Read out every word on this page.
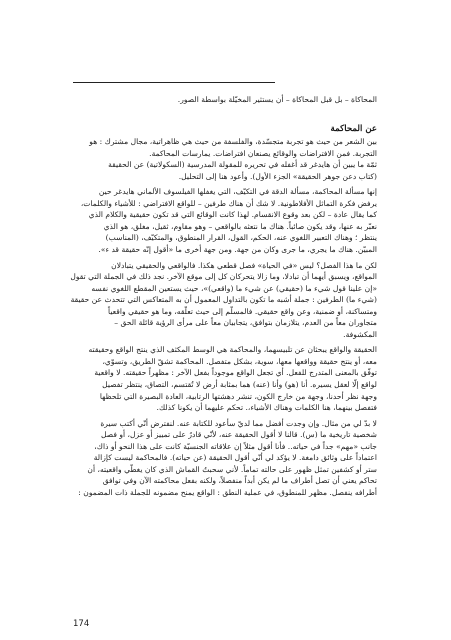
المحاكاة – بل قبل المحاكاة – أن يستثير المخيّلة بواسطة الصور.

عن المحاكمة

بين الشعر من حيث هو تجربة متجسّدة، والفلسفة من حيث هي ظاهراتية، مجال مشترك : هو
التجربة. فمن الافتراضات والوقائع يصنعان افتراضات. يمارسات المحاكمة.
ثمّة ما يبين أن هايدغر قد أغفله في تحريره للمقولة المدرسية (السكولاتية) عن الحقيقة
(كتاب دعن جوهر الحقيقة» الجزء الأول). وأعود هنا إلى التحليل.

إنها مسألة المحاكمة، مسألة الدقة في التكيّف، التي يغفلها الفيلسوف الألماني هايدغر حين
يرفض فكرة التماثل الأفلاطونية. لا شك أن هناك طرفين – للواقع الافتراضي : للأشياء والكلمات،
كما يقال عادة – لكن بعد وقوع الانقسام. لهذا كانت الوقائع التي قد تكون حقيقية والكلام الذي
نعبّر به عنها، وقد يكون صائباً. هناك ما نتعثه بالواقعي – وهو مقاوم، ثقيل، مغلق، هو الذي
ينتظر ؛ وهناك التعبير اللغوي عنه، الحكم، القول، القرار المنطوق، والمتكيّف، (المناسب)
المبيّن. هناك ما يجري، ما جرى وكان من جهة. ومن جهة أخرى ما «أقول إنّه حقيقة قد ء».

لكن ما هذا الفصل؟ ليس «في الحياة» فصل قطعي هكذا. فالواقعي والحقيقي يتبادلان
المواقع، ويسبق أيهما أن تبادلا، وما زالا يتحركان كل إلى موقع الآخر. نجد ذلك في الجملة التي تقول
«إن علينا قول شيء ما (حقيقي) عن شيء ما (واقعي)»، حيث يستعين المقطع اللغوي نفسه
(شيء ما) الطرفين : جملة أشبه ما تكون بالتداول المعمول أن به المتعاكس التي تتحدث عن حقيقة
ومتساكنة، أو ضمنية، وعن واقع حقيقي. فالمسلّم إلى حيث تعلّقه، وما هو حقيقي واقعياً
متجاوران معاً من العدم، يتلازمان بتوافق، يتجابيان معاً على مرأى الرؤية قائلة الحق –
المكشوفة.

الحقيقة والواقع يبحثان عن تلبيسهما، والمحاكمة هي الوسط المكثف الذي ينتج الواقع وحقيقته
معه، أو ينتج حقيقة وواقعها معها، سوية، بشكل متفصل. المحاكمة تشقّ الطريق، وتسوّي،
توفّق بالمعنى المتدرج للفعل. أي تجعل الواقع موجوداً بفعل الآخر : مظهراً حقيقته. لا واقعية
لواقع إلّا لعقل يسيره. أنا (هو) وأنا (عنه) هما بمثابة أرض لا تُقتسم، التصاق، ينتظر تفصيل
وجهة نظر أحدنا، وجهة من خارج الكون، تنشر دهشتها الرتابية، العادة البصيرة التي تلحظها
فتفصل بينهما، هنا الكلمات وهناك الأشياء،. تحكم عليهما أن يكونا كذلك.

لا بدّ لي من مثال. وإن وجدت أفضل مما لديّ سأعود للكتابة عنه. لنفترض أنّي أكتب سيرة
شخصية تاريخية ما (س). قالنا لا أقول الحقيقة عنه، لأنّي قادرٌ على تمييز أو عزل، أو فصل
جانب «مهم» جداً في حياته.. فأنا أقول مثلاً إن علاقاته الجنسيّة كانت على هذا النحو أو ذاك،
اعتماداً على وثائق دامغة. لا يؤكد لي أنّي أقول الحقيقة (عن حياته). فالمحاكمة ليست كإزالة
ستر أو كشفين تمثل ظهور على حالته تماماً. لأني سحبتُ القماش الذي كان يغطّي واقعيته، أن
تحاكم يعني أن تصل أطراف ما لم يكن أبداً منفصلاً، ولكنه بفعل محاكمته الآن وفي توافق
أطرافه ينفصل. مظهر للمنطوق، في عملية النطق : الواقع يمنح مضمونه للجملة ذات المضمون :

174
